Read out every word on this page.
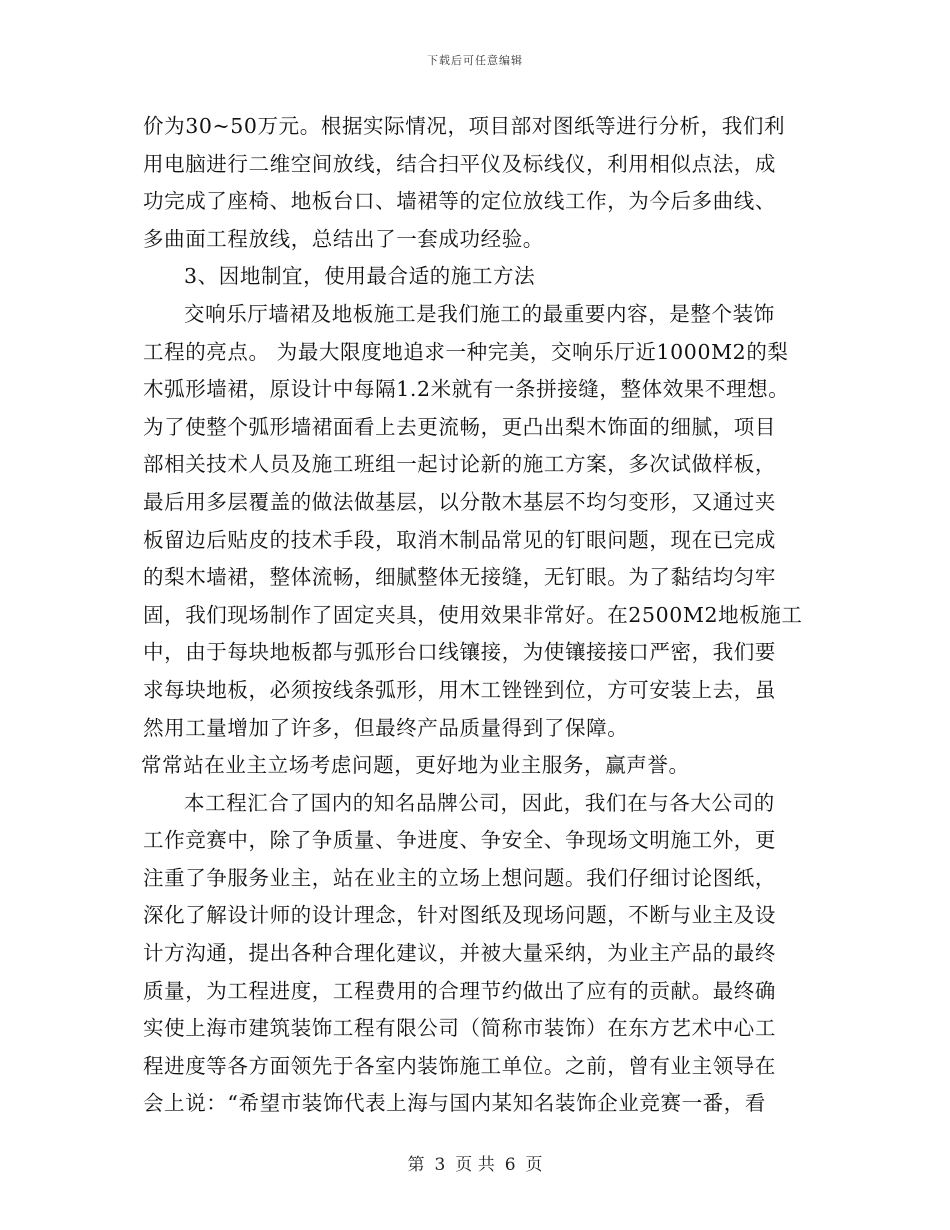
下载后可任意编辑
价为30~50万元。根据实际情况，项目部对图纸等进行分析，我们利
用电脑进行二维空间放线，结合扫平仪及标线仪，利用相似点法，成
功完成了座椅、地板台口、墙裙等的定位放线工作，为今后多曲线、
多曲面工程放线，总结出了一套成功经验。
3、因地制宜，使用最合适的施工方法
交响乐厅墙裙及地板施工是我们施工的最重要内容，是整个装饰
工程的亮点。 为最大限度地追求一种完美，交响乐厅近1000M2的梨
木弧形墙裙，原设计中每隔1.2米就有一条拼接缝，整体效果不理想。
为了使整个弧形墙裙面看上去更流畅，更凸出梨木饰面的细腻，项目
部相关技术人员及施工班组一起讨论新的施工方案，多次试做样板，
最后用多层覆盖的做法做基层，以分散木基层不均匀变形，又通过夹
板留边后贴皮的技术手段，取消木制品常见的钉眼问题，现在已完成
的梨木墙裙，整体流畅，细腻整体无接缝，无钉眼。为了黏结均匀牢
固，我们现场制作了固定夹具，使用效果非常好。在2500M2地板施工
中，由于每块地板都与弧形台口线镶接，为使镶接接口严密，我们要
求每块地板，必须按线条弧形，用木工锉锉到位，方可安装上去，虽
然用工量增加了许多，但最终产品质量得到了保障。
常常站在业主立场考虑问题，更好地为业主服务，赢声誉。
本工程汇合了国内的知名品牌公司，因此，我们在与各大公司的
工作竞赛中，除了争质量、争进度、争安全、争现场文明施工外，更
注重了争服务业主，站在业主的立场上想问题。我们仔细讨论图纸，
深化了解设计师的设计理念，针对图纸及现场问题，不断与业主及设
计方沟通，提出各种合理化建议，并被大量采纳，为业主产品的最终
质量，为工程进度，工程费用的合理节约做出了应有的贡献。最终确
实使上海市建筑装饰工程有限公司（简称市装饰）在东方艺术中心工
程进度等各方面领先于各室内装饰施工单位。之前，曾有业主领导在
会上说：“希望市装饰代表上海与国内某知名装饰企业竞赛一番，看
第 3 页 共 6 页
